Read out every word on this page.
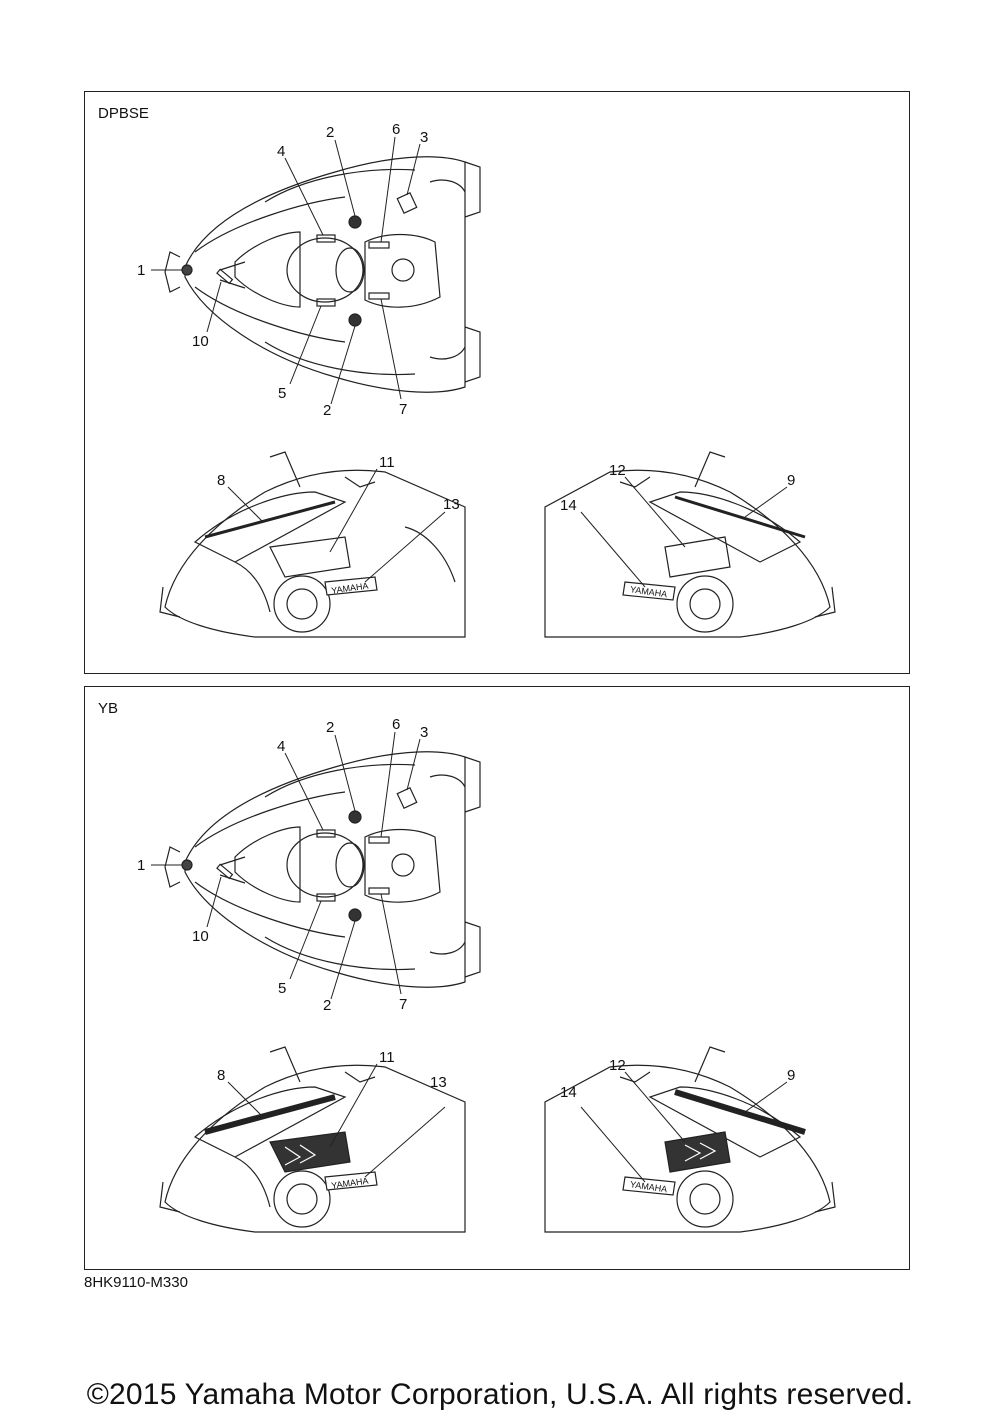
DPBSE
YAMAHA	YAMAHA
1
2
2
3
4
5
6
7
8	9
10
11	12
13	14
YB
YAMAHA	YAMAHA
1
2
2
3
4
5
6
7
8	9
10
11	12
13
14
8HK9110-M330
©2015 Yamaha Motor Corporation, U.S.A. All rights reserved.
